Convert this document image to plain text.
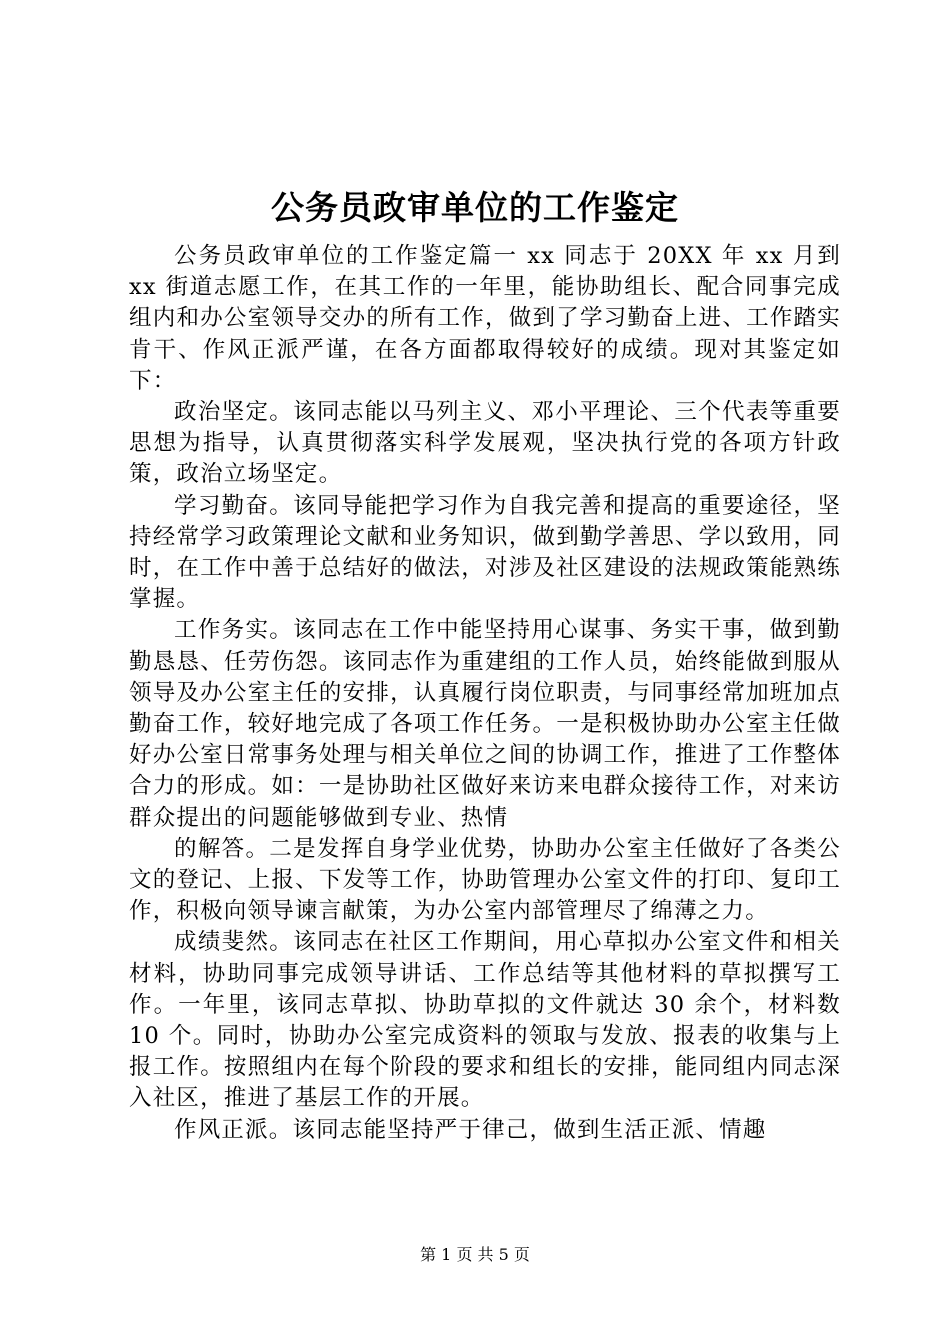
公务员政审单位的工作鉴定

公务员政审单位的工作鉴定篇一 xx 同志于 20XX 年 xx 月到 xx 街道志愿工作，在其工作的一年里，能协助组长、配合同事完成组内和办公室领导交办的所有工作，做到了学习勤奋上进、工作踏实肯干、作风正派严谨，在各方面都取得较好的成绩。现对其鉴定如下：

政治坚定。该同志能以马列主义、邓小平理论、三个代表等重要思想为指导，认真贯彻落实科学发展观，坚决执行党的各项方针政策，政治立场坚定。

学习勤奋。该同导能把学习作为自我完善和提高的重要途径，坚持经常学习政策理论文献和业务知识，做到勤学善思、学以致用，同时，在工作中善于总结好的做法，对涉及社区建设的法规政策能熟练掌握。

工作务实。该同志在工作中能坚持用心谋事、务实干事，做到勤勤恳恳、任劳伤怨。该同志作为重建组的工作人员，始终能做到服从领导及办公室主任的安排，认真履行岗位职责，与同事经常加班加点勤奋工作，较好地完成了各项工作任务。一是积极协助办公室主任做好办公室日常事务处理与相关单位之间的协调工作，推进了工作整体合力的形成。如：一是协助社区做好来访来电群众接待工作，对来访群众提出的问题能够做到专业、热情

的解答。二是发挥自身学业优势，协助办公室主任做好了各类公文的登记、上报、下发等工作，协助管理办公室文件的打印、复印工作，积极向领导谏言献策，为办公室内部管理尽了绵薄之力。

成绩斐然。该同志在社区工作期间，用心草拟办公室文件和相关材料，协助同事完成领导讲话、工作总结等其他材料的草拟撰写工作。一年里，该同志草拟、协助草拟的文件就达 30 余个，材料数 10 个。同时，协助办公室完成资料的领取与发放、报表的收集与上报工作。按照组内在每个阶段的要求和组长的安排，能同组内同志深入社区，推进了基层工作的开展。

作风正派。该同志能坚持严于律己，做到生活正派、情趣

第 1 页 共 5 页
